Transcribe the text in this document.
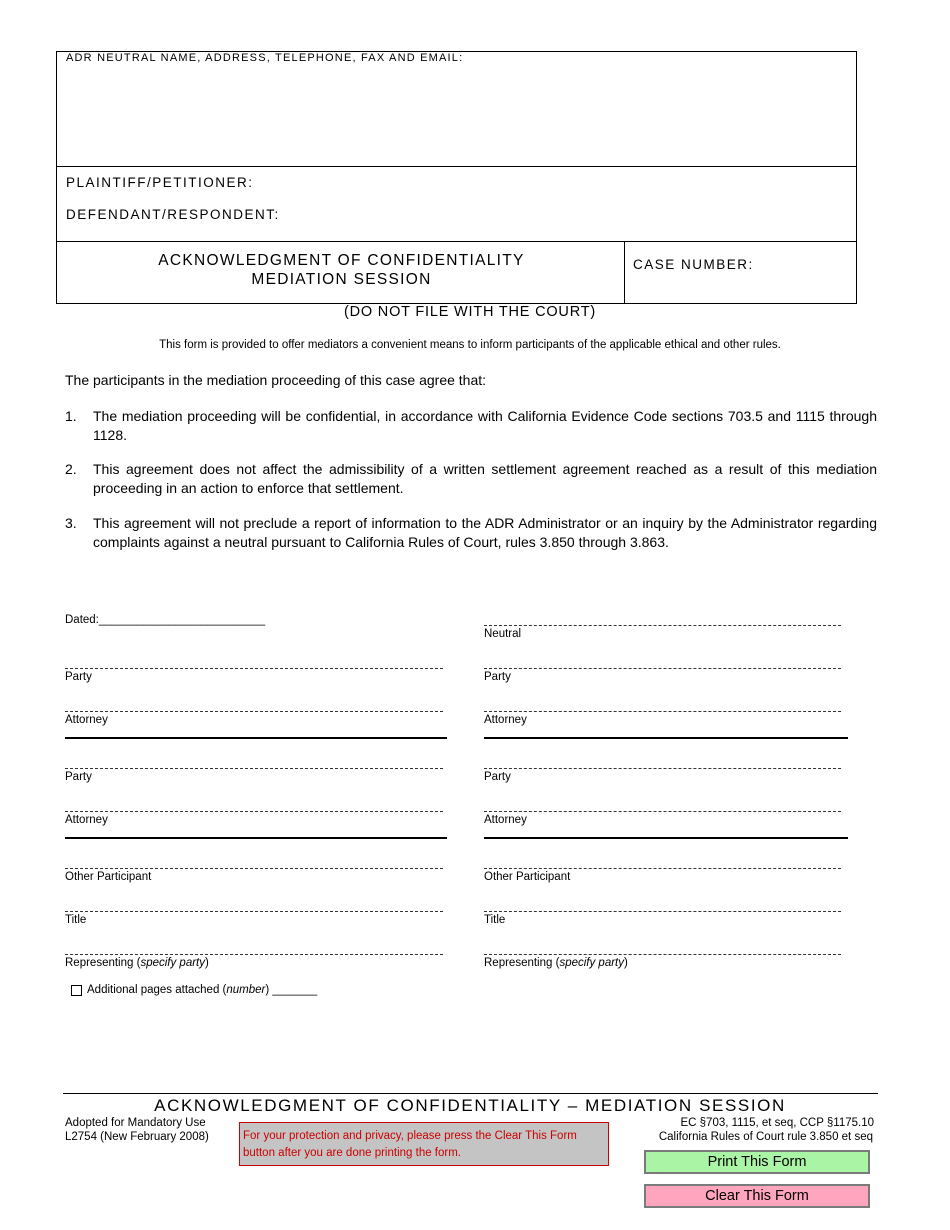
ADR NEUTRAL NAME, ADDRESS, TELEPHONE, FAX AND EMAIL:
PLAINTIFF/PETITIONER:
DEFENDANT/RESPONDENT:
ACKNOWLEDGMENT OF CONFIDENTIALITY
MEDIATION SESSION
CASE NUMBER:
(DO NOT FILE WITH THE COURT)
This form is provided to offer mediators a convenient means to inform participants of the applicable ethical and other rules.
The participants in the mediation proceeding of this case agree that:
1. The mediation proceeding will be confidential, in accordance with California Evidence Code sections 703.5 and 1115 through 1128.
2. This agreement does not affect the admissibility of a written settlement agreement reached as a result of this mediation proceeding in an action to enforce that settlement.
3. This agreement will not preclude a report of information to the ADR Administrator or an inquiry by the Administrator regarding complaints against a neutral pursuant to California Rules of Court, rules 3.850 through 3.863.
Dated:__________________________
Neutral
Party	Party
Attorney	Attorney
Party	Party
Attorney	Attorney
Other Participant	Other Participant
Title	Title
Representing (specify party)	Representing (specify party)
Additional pages attached (number) _______
ACKNOWLEDGMENT OF CONFIDENTIALITY – MEDIATION SESSION
Adopted for Mandatory Use
L2754 (New February 2008)	For your protection and privacy, please press the Clear This Form button after you are done printing the form.
EC §703, 1115, et seq, CCP §1175.10
California Rules of Court rule 3.850 et seq
Print This Form
Clear This Form
